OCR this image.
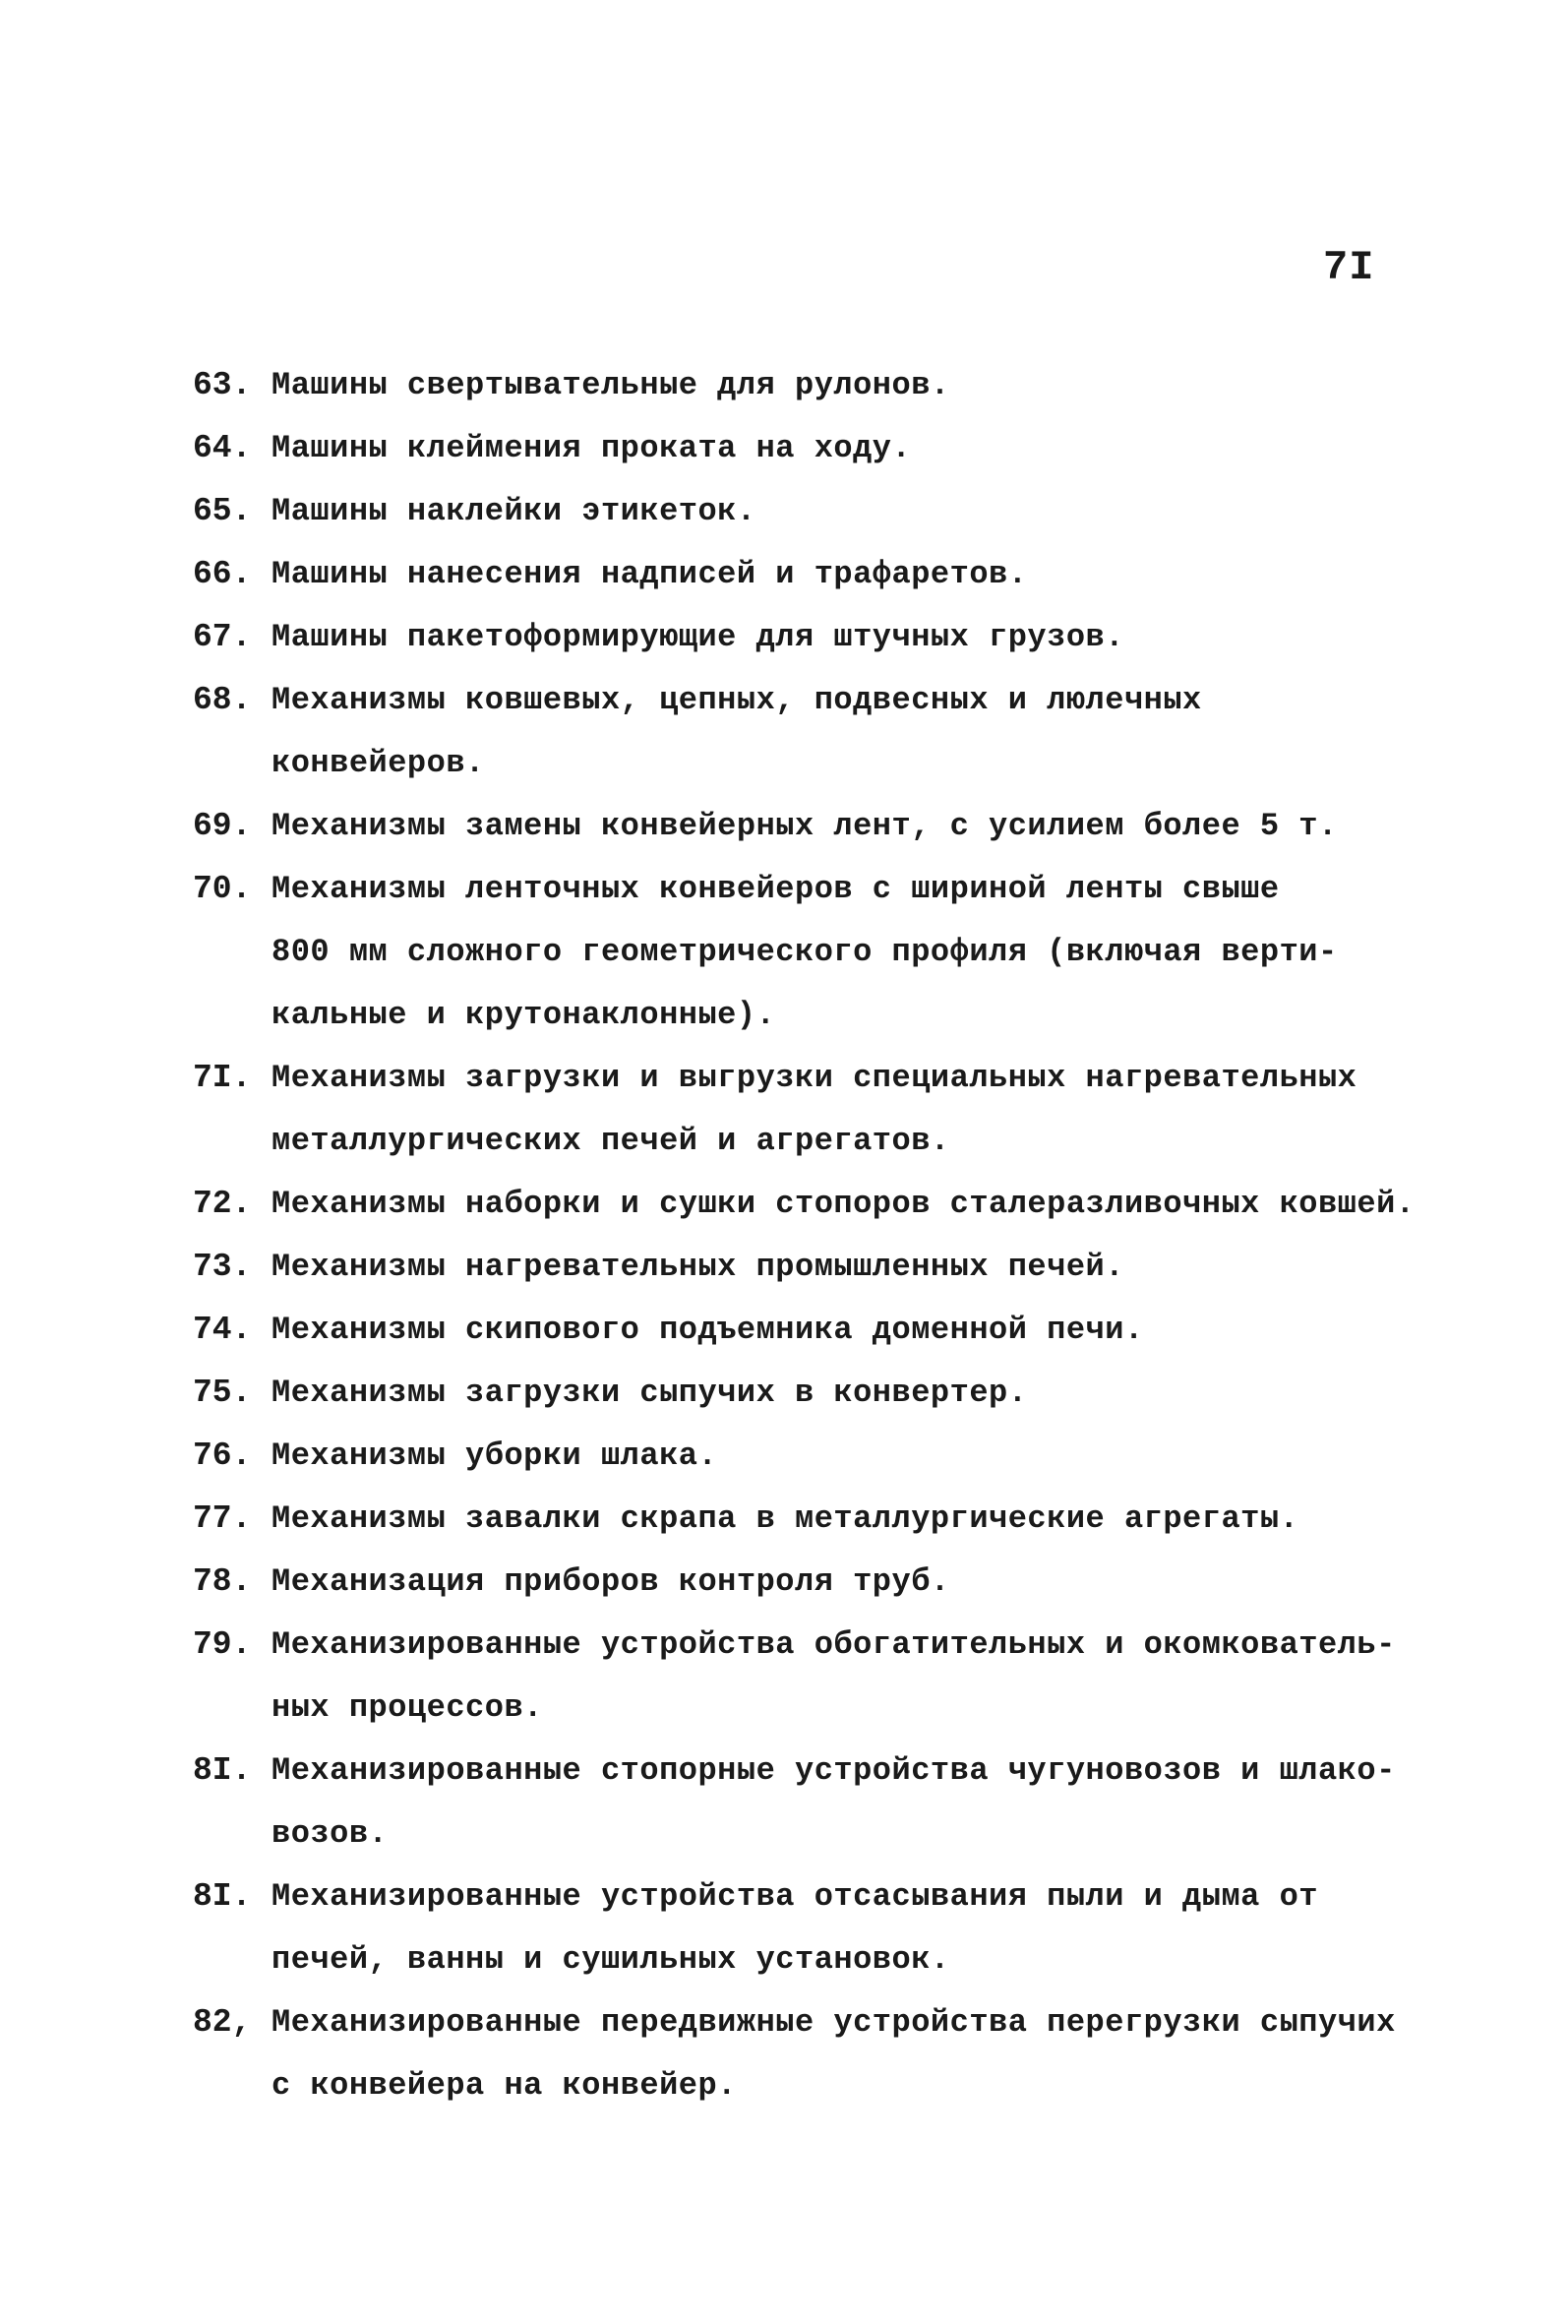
7I
63. Машины свертывательные для рулонов.
64. Машины клеймения проката на ходу.
65. Машины наклейки этикеток.
66. Машины нанесения надписей и трафаретов.
67. Машины пакетоформирующие для штучных грузов.
68. Механизмы ковшевых, цепных, подвесных и люлечных
конвейеров.
69. Механизмы замены конвейерных лент, с усилием более 5 т.
70. Механизмы ленточных конвейеров с шириной ленты свыше
800 мм сложного геометрического профиля (включая верти-
кальные и крутонаклонные).
7I. Механизмы загрузки и выгрузки специальных нагревательных
металлургических печей и агрегатов.
72. Механизмы наборки и сушки стопоров сталеразливочных ковшей.
73. Механизмы нагревательных промышленных печей.
74. Механизмы скипового подъемника доменной печи.
75. Механизмы загрузки сыпучих в конвертер.
76. Механизмы уборки шлака.
77. Механизмы завалки скрапа в металлургические агрегаты.
78. Механизация приборов контроля труб.
79. Механизированные устройства обогатительных и окомкователь-
ных процессов.
8I. Механизированные стопорные устройства чугуновозов и шлако-
возов.
8I. Механизированные устройства отсасывания пыли и дыма от
печей, ванны и сушильных установок.
82, Механизированные передвижные устройства перегрузки сыпучих
с конвейера на конвейер.
